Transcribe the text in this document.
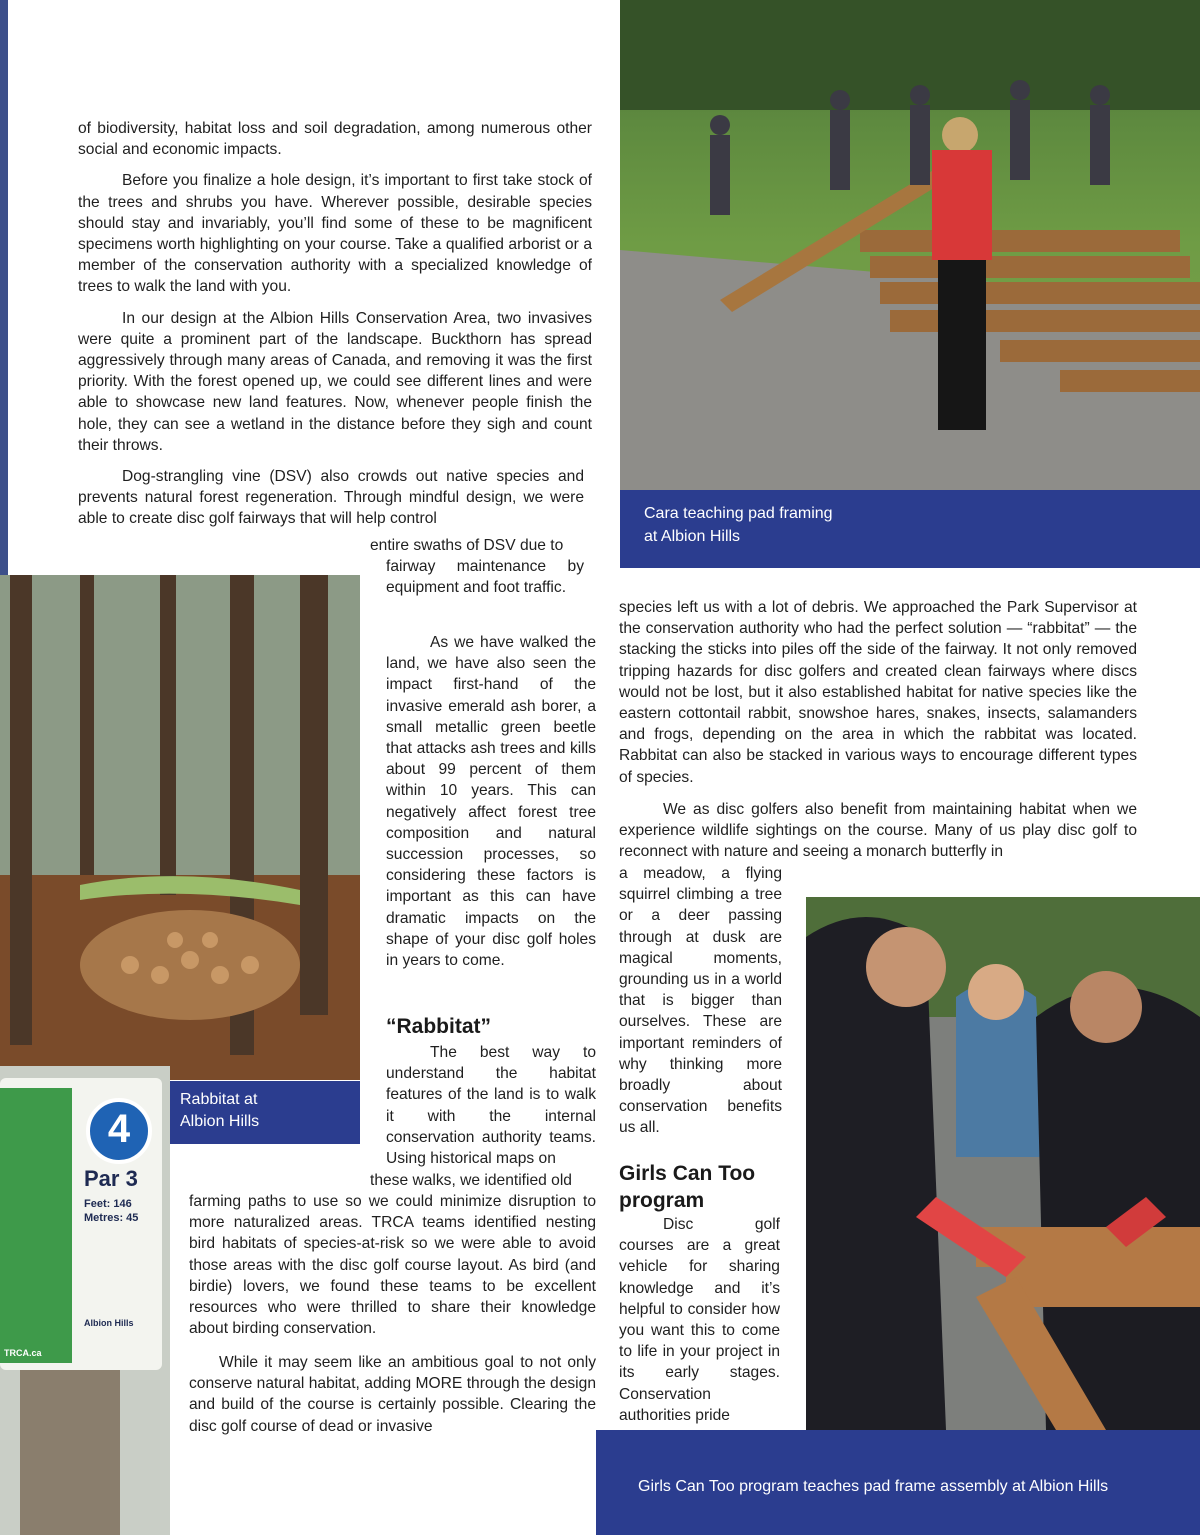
Cara teaching pad framing
at Albion Hills

of biodiversity, habitat loss and soil degradation, among numerous other social and economic impacts.

Before you finalize a hole design, it’s important to first take stock of the trees and shrubs you have. Wherever possible, desirable species should stay and invariably, you’ll find some of these to be magnificent specimens worth highlighting on your course. Take a qualified arborist or a member of the conservation authority with a specialized knowledge of trees to walk the land with you.

In our design at the Albion Hills Conservation Area, two invasives were quite a prominent part of the landscape. Buckthorn has spread aggressively through many areas of Canada, and removing it was the first priority. With the forest opened up, we could see different lines and were able to showcase new land features. Now, whenever people finish the hole, they can see a wetland in the distance before they sigh and count their throws.

Dog-strangling vine (DSV) also crowds out native species and prevents natural forest regeneration. Through mindful design, we were able to create disc golf fairways that will help control

entire swaths of DSV due to
fairway maintenance by equipment and foot traffic.
Rabbitat at
Albion Hills
4
Par 3
Feet: 146
Metres: 45
Albion Hills
TRCA.ca
As we have walked the land, we have also seen the impact first-hand of the invasive emerald ash borer, a small metallic green beetle that attacks ash trees and kills about 99 percent of them within 10 years. This can negatively affect forest tree composition and natural succession processes, so considering these factors is important as this can have dramatic impacts on the shape of your disc golf holes in years to come.
“Rabbitat”
The best way to understand the habitat features of the land is to walk it with the internal conservation authority teams. Using historical maps on
these walks, we identified old
farming paths to use so we could minimize disruption to more naturalized areas. TRCA teams identified nesting bird habitats of species-at-risk so we were able to avoid those areas with the disc golf course layout. As bird (and birdie) lovers, we found these teams to be excellent resources who were thrilled to share their knowledge about birding conservation.
While it may seem like an ambitious goal to not only conserve natural habitat, adding MORE through the design and build of the course is certainly possible. Clearing the disc golf course of dead or invasive
species left us with a lot of debris. We approached the Park Supervisor at the conservation authority who had the perfect solution — “rabbitat” — the stacking the sticks into piles off the side of the fairway. It not only removed tripping hazards for disc golfers and created clean fairways where discs would not be lost, but it also established habitat for native species like the eastern cottontail rabbit, snowshoe hares, snakes, insects, salamanders and frogs, depending on the area in which the rabbitat was located. Rabbitat can also be stacked in various ways to encourage different types of species.
We as disc golfers also benefit from maintaining habitat when we experience wildlife sightings on the course. Many of us play disc golf to reconnect with nature and seeing a monarch butterfly in
a meadow, a flying squirrel climbing a tree or a deer passing through at dusk are magical moments, grounding us in a world that is bigger than ourselves. These are important reminders of why thinking more broadly about conservation benefits us all.
Girls Can Too program
Disc golf courses are a great vehicle for sharing knowledge and it’s helpful to consider how you want this to come to life in your project in its early stages. Conservation authorities pride
Girls Can Too program teaches pad frame assembly at Albion Hills
